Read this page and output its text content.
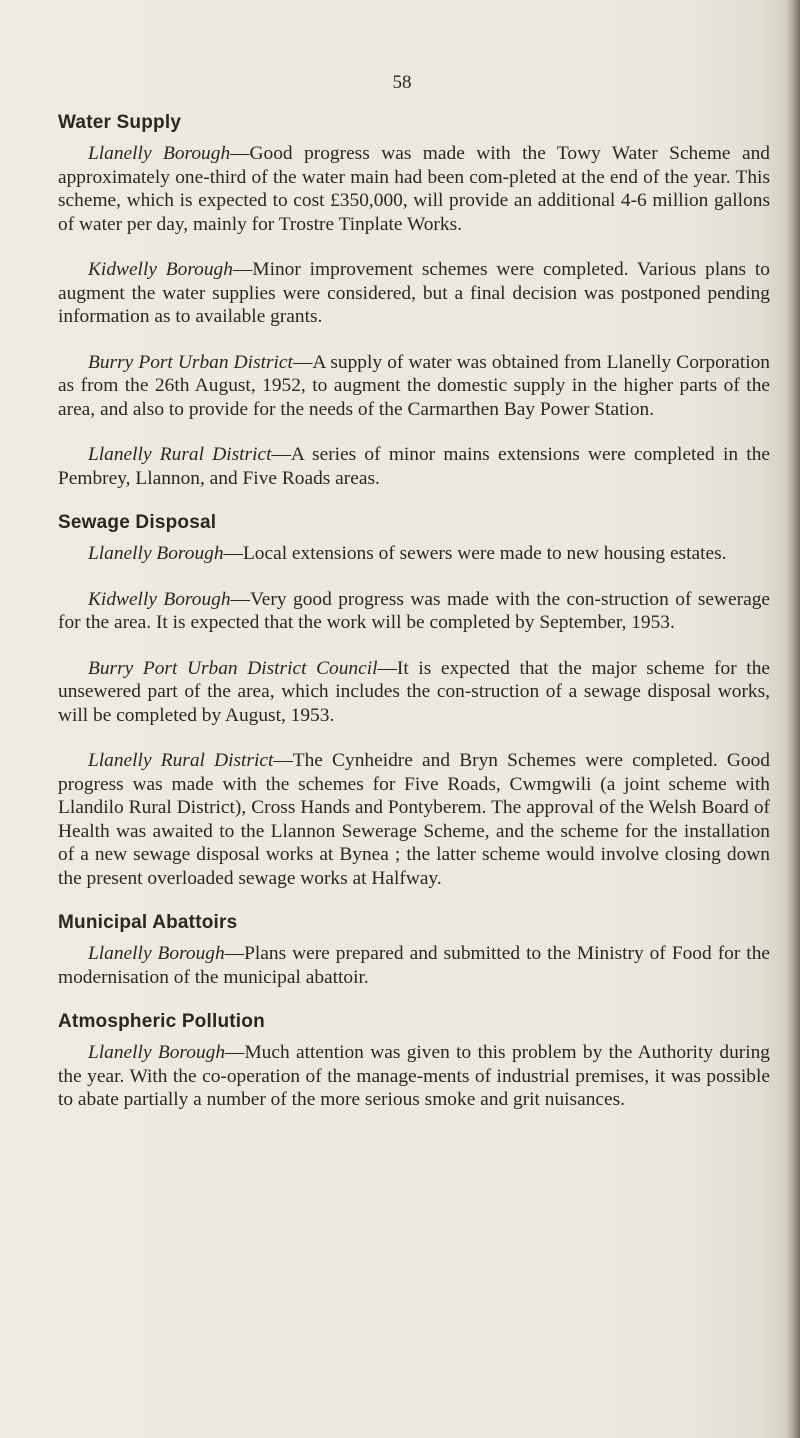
58
Water Supply

Llanelly Borough—Good progress was made with the Towy Water Scheme and approximately one-third of the water main had been com-pleted at the end of the year. This scheme, which is expected to cost £350,000, will provide an additional 4-6 million gallons of water per day, mainly for Trostre Tinplate Works.

Kidwelly Borough—Minor improvement schemes were completed. Various plans to augment the water supplies were considered, but a final decision was postponed pending information as to available grants.

Burry Port Urban District—A supply of water was obtained from Llanelly Corporation as from the 26th August, 1952, to augment the domestic supply in the higher parts of the area, and also to provide for the needs of the Carmarthen Bay Power Station.

Llanelly Rural District—A series of minor mains extensions were completed in the Pembrey, Llannon, and Five Roads areas.

Sewage Disposal

Llanelly Borough—Local extensions of sewers were made to new housing estates.

Kidwelly Borough—Very good progress was made with the con-struction of sewerage for the area. It is expected that the work will be completed by September, 1953.

Burry Port Urban District Council—It is expected that the major scheme for the unsewered part of the area, which includes the con-struction of a sewage disposal works, will be completed by August, 1953.

Llanelly Rural District—The Cynheidre and Bryn Schemes were completed. Good progress was made with the schemes for Five Roads, Cwmgwili (a joint scheme with Llandilo Rural District), Cross Hands and Pontyberem. The approval of the Welsh Board of Health was awaited to the Llannon Sewerage Scheme, and the scheme for the installation of a new sewage disposal works at Bynea ; the latter scheme would involve closing down the present overloaded sewage works at Halfway.

Municipal Abattoirs

Llanelly Borough—Plans were prepared and submitted to the Ministry of Food for the modernisation of the municipal abattoir.

Atmospheric Pollution

Llanelly Borough—Much attention was given to this problem by the Authority during the year. With the co-operation of the manage-ments of industrial premises, it was possible to abate partially a number of the more serious smoke and grit nuisances.
